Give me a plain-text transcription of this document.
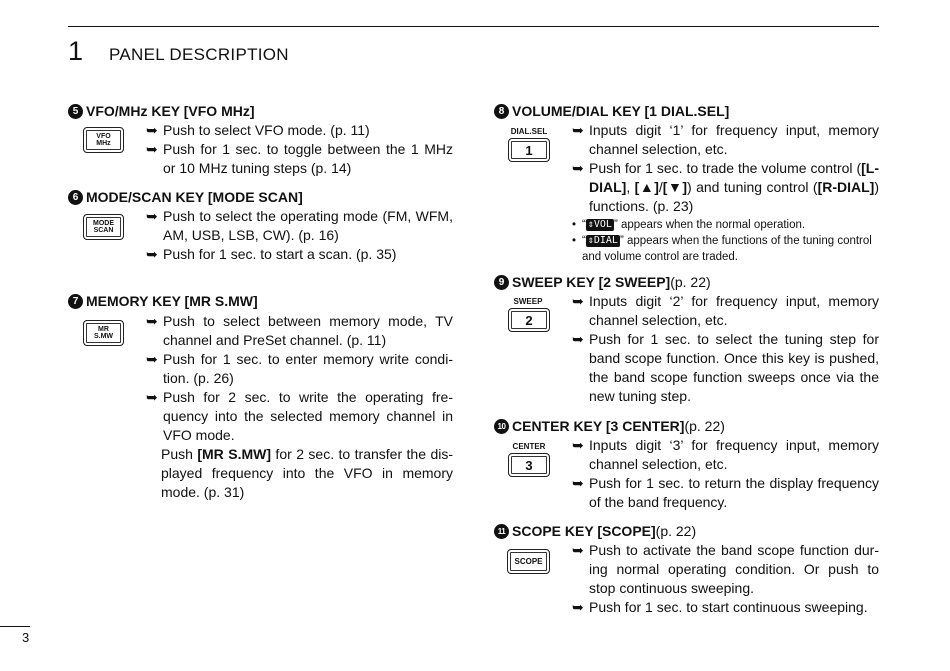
1 PANEL DESCRIPTION
5 VFO/MHz KEY [VFO MHz]
VFO
MHz
➥ Push to select VFO mode. (p. 11)
➥ Push for 1 sec. to toggle between the 1 MHz or 10 MHz tuning steps (p. 14)
6 MODE/SCAN KEY [MODE SCAN]
MODE
SCAN
➥ Push to select the operating mode (FM, WFM, AM, USB, LSB, CW). (p. 16)
➥ Push for 1 sec. to start a scan. (p. 35)
7 MEMORY KEY [MR S.MW]
MR
S.MW
➥ Push to select between memory mode, TV channel and PreSet channel. (p. 11)
➥ Push for 1 sec. to enter memory write condi-tion. (p. 26)
➥ Push for 2 sec. to write the operating fre-quency into the selected memory channel in VFO mode.
Push [MR S.MW] for 2 sec. to transfer the dis-played frequency into the VFO in memory mode. (p. 31)
8 VOLUME/DIAL KEY [1 DIAL.SEL]
DIAL.SEL
1
➥ Inputs digit ‘1’ for frequency input, memory channel selection, etc.
➥ Push for 1 sec. to trade the volume control ([L-DIAL], [▲]/[▼]) and tuning control ([R-DIAL]) functions. (p. 23)
• “ ⇕VOL ” appears when the normal operation.
• “ ⇕DIAL ” appears when the functions of the tuning control and volume control are traded.
9 SWEEP KEY [2 SWEEP] (p. 22)
SWEEP
2
➥ Inputs digit ‘2’ for frequency input, memory channel selection, etc.
➥ Push for 1 sec. to select the tuning step for band scope function. Once this key is pushed, the band scope function sweeps once via the new tuning step.
10 CENTER KEY [3 CENTER] (p. 22)
CENTER
3
➥ Inputs digit ‘3’ for frequency input, memory channel selection, etc.
➥ Push for 1 sec. to return the display frequency of the band frequency.
11 SCOPE KEY [SCOPE] (p. 22)
SCOPE
➥ Push to activate the band scope function dur-ing normal operating condition. Or push to stop continuous sweeping.
➥ Push for 1 sec. to start continuous sweeping.
3
